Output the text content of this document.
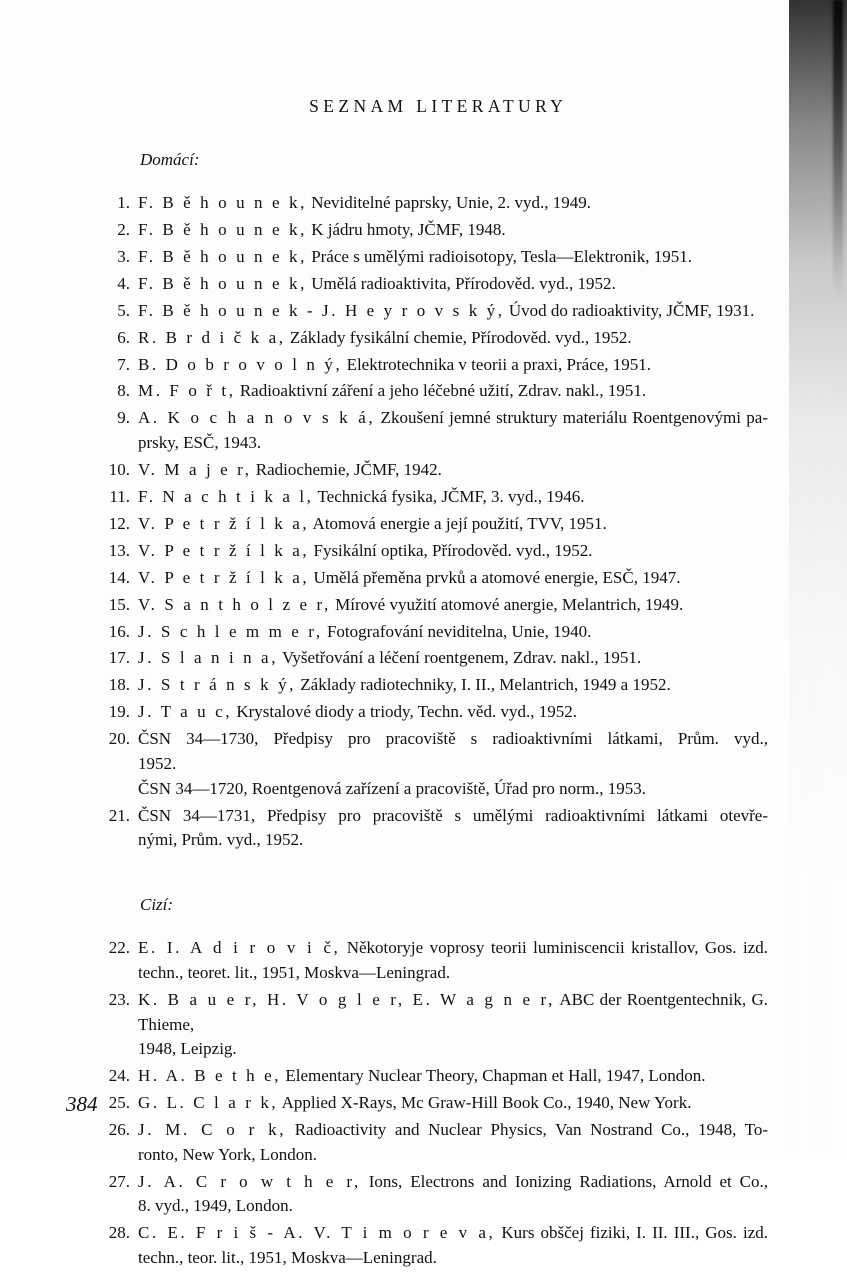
SEZNAM LITERATURY
Domácí:
1. F. B ě h o u n e k, Neviditelné paprsky, Unie, 2. vyd., 1949.
2. F. B ě h o u n e k, K jádru hmoty, JČMF, 1948.
3. F. B ě h o u n e k, Práce s umělými radioisotopy, Tesla—Elektronik, 1951.
4. F. B ě h o u n e k, Umělá radioaktivita, Přírodověd. vyd., 1952.
5. F. B ě h o u n e k - J. H e y r o v s k ý, Úvod do radioaktivity, JČMF, 1931.
6. R. B r d i č k a, Základy fysikální chemie, Přírodověd. vyd., 1952.
7. B. D o b r o v o l n ý, Elektrotechnika v teorii a praxi, Práce, 1951.
8. M. F o ř t, Radioaktivní záření a jeho léčebné užití, Zdrav. nakl., 1951.
9. A. K o c h a n o v s k á, Zkoušení jemné struktury materiálu Roentgenovými pa-
prsky, ESČ, 1943.
10. V. M a j e r, Radiochemie, JČMF, 1942.
11. F. N a c h t i k a l, Technická fysika, JČMF, 3. vyd., 1946.
12. V. P e t r ž í l k a, Atomová energie a její použití, TVV, 1951.
13. V. P e t r ž í l k a, Fysikální optika, Přírodověd. vyd., 1952.
14. V. P e t r ž í l k a, Umělá přeměna prvků a atomové energie, ESČ, 1947.
15. V. S a n t h o l z e r, Mírové využití atomové anergie, Melantrich, 1949.
16. J. S c h l e m m e r, Fotografování neviditelna, Unie, 1940.
17. J. S l a n i n a, Vyšetřování a léčení roentgenem, Zdrav. nakl., 1951.
18. J. S t r á n s k ý, Základy radiotechniky, I. II., Melantrich, 1949 a 1952.
19. J. T a u c, Krystalové diody a triody, Techn. věd. vyd., 1952.
20. ČSN 34—1730, Předpisy pro pracoviště s radioaktivními látkami, Prům. vyd.,
1952.
ČSN 34—1720, Roentgenová zařízení a pracoviště, Úřad pro norm., 1953.
21. ČSN 34—1731, Předpisy pro pracoviště s umělými radioaktivními látkami otevře-
nými, Prům. vyd., 1952.
Cizí:
22. E. I. A d i r o v i č, Někotoryje voprosy teorii luminiscencii kristallov, Gos. izd.
techn., teoret. lit., 1951, Moskva—Leningrad.
23. K. B a u e r, H. V o g l e r, E. W a g n e r, ABC der Roentgentechnik, G. Thieme,
1948, Leipzig.
24. H. A. B e t h e, Elementary Nuclear Theory, Chapman et Hall, 1947, London.
25. G. L. C l a r k, Applied X-Rays, Mc Graw-Hill Book Co., 1940, New York.
26. J. M. C o r k, Radioactivity and Nuclear Physics, Van Nostrand Co., 1948, To-
ronto, New York, London.
27. J. A. C r o w t h e r, Ions, Electrons and Ionizing Radiations, Arnold et Co.,
8. vyd., 1949, London.
28. C. E. F r i š - A. V. T i m o r e v a, Kurs obščej fiziki, I. II. III., Gos. izd.
techn., teor. lit., 1951, Moskva—Leningrad.
384
